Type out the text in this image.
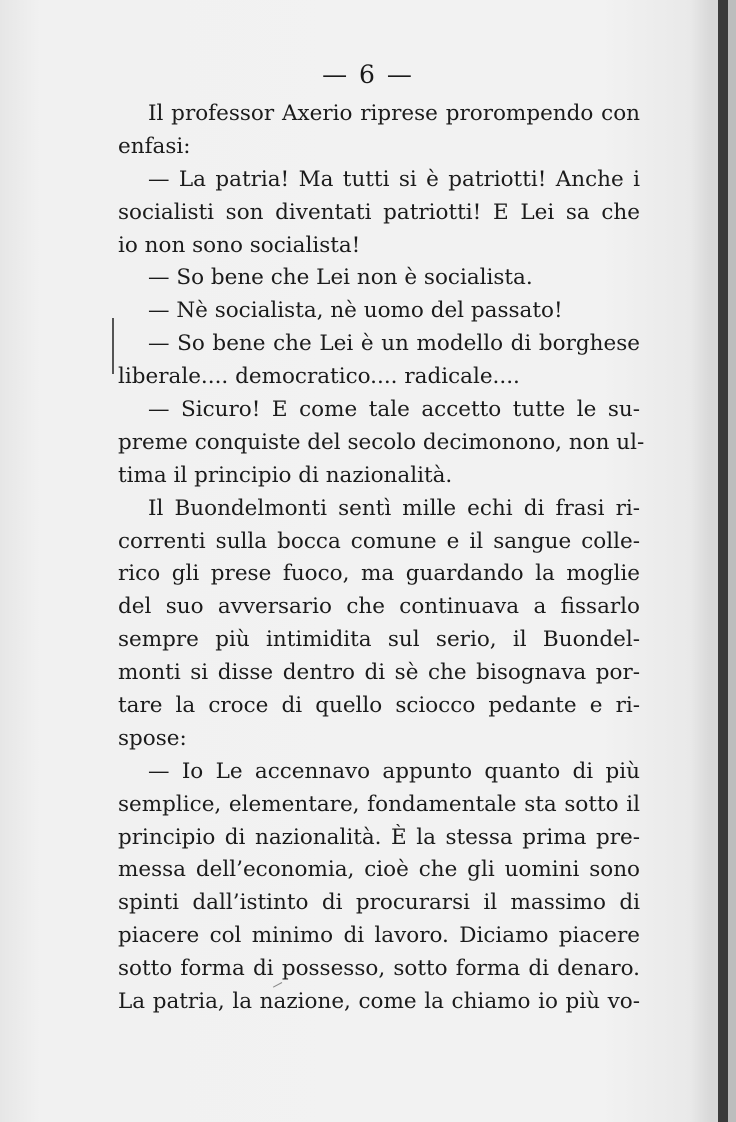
— 6 —
Il professor Axerio riprese prorompendo con
enfasi:
— La patria! Ma tutti si è patriotti! Anche i
socialisti son diventati patriotti! E Lei sa che
io non sono socialista!
— So bene che Lei non è socialista.
— Nè socialista, nè uomo del passato!
— So bene che Lei è un modello di borghese
liberale.... democratico.... radicale....
— Sicuro! E come tale accetto tutte le su-
preme conquiste del secolo decimonono, non ul-
tima il principio di nazionalità.
Il Buondelmonti sentì mille echi di frasi ri-
correnti sulla bocca comune e il sangue colle-
rico gli prese fuoco, ma guardando la moglie
del suo avversario che continuava a fissarlo
sempre più intimidita sul serio, il Buondel-
monti si disse dentro di sè che bisognava por-
tare la croce di quello sciocco pedante e ri-
spose:
— Io Le accennavo appunto quanto di più
semplice, elementare, fondamentale sta sotto il
principio di nazionalità. È la stessa prima pre-
messa dell’economia, cioè che gli uomini sono
spinti dall’istinto di procurarsi il massimo di
piacere col minimo di lavoro. Diciamo piacere
sotto forma di possesso, sotto forma di denaro.
La patria, la nazione, come la chiamo io più vo-
